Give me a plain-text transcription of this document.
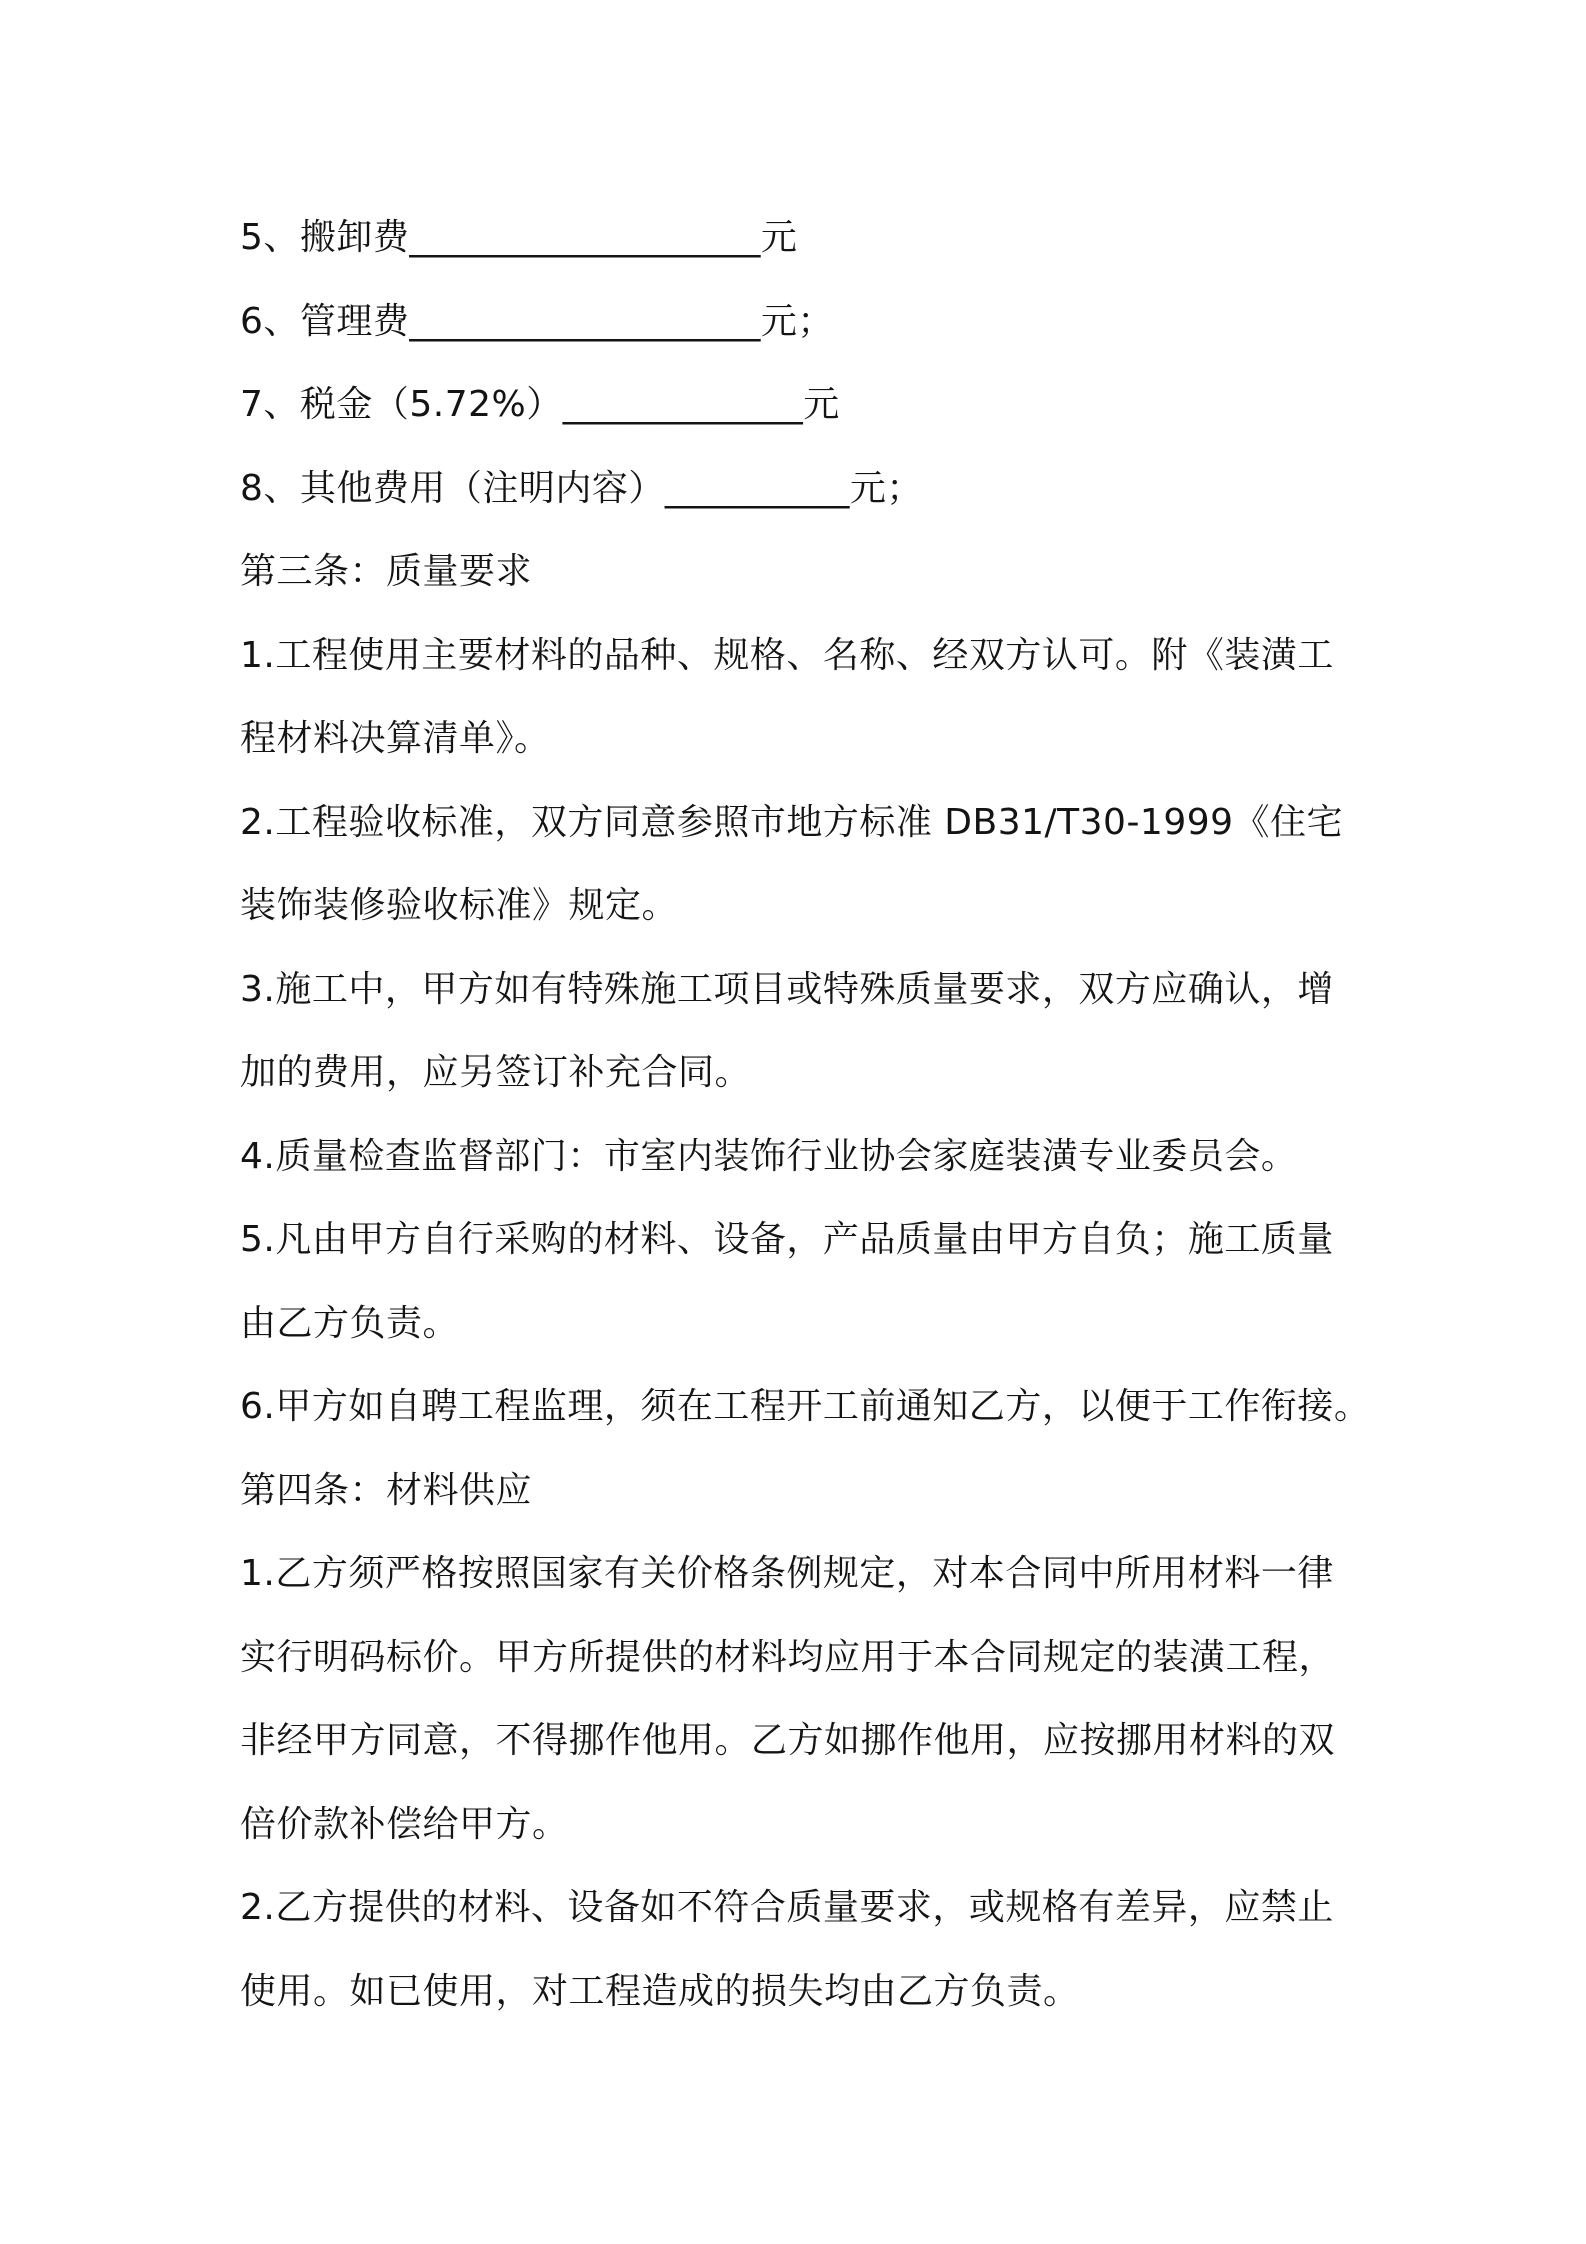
5、搬卸费___________________元
6、管理费___________________元；
7、税金（5.72%）_____________元
8、其他费用（注明内容）__________元；
第三条：质量要求
1.工程使用主要材料的品种、规格、名称、经双方认可。附《装潢工
程材料决算清单》。
2.工程验收标准，双方同意参照市地方标准 DB31/T30-1999《住宅
装饰装修验收标准》规定。
3.施工中，甲方如有特殊施工项目或特殊质量要求，双方应确认，增
加的费用，应另签订补充合同。
4.质量检查监督部门：市室内装饰行业协会家庭装潢专业委员会。
5.凡由甲方自行采购的材料、设备，产品质量由甲方自负；施工质量
由乙方负责。
6.甲方如自聘工程监理，须在工程开工前通知乙方，以便于工作衔接。
第四条：材料供应
1.乙方须严格按照国家有关价格条例规定，对本合同中所用材料一律
实行明码标价。甲方所提供的材料均应用于本合同规定的装潢工程，
非经甲方同意，不得挪作他用。乙方如挪作他用，应按挪用材料的双
倍价款补偿给甲方。
2.乙方提供的材料、设备如不符合质量要求，或规格有差异，应禁止
使用。如已使用，对工程造成的损失均由乙方负责。
